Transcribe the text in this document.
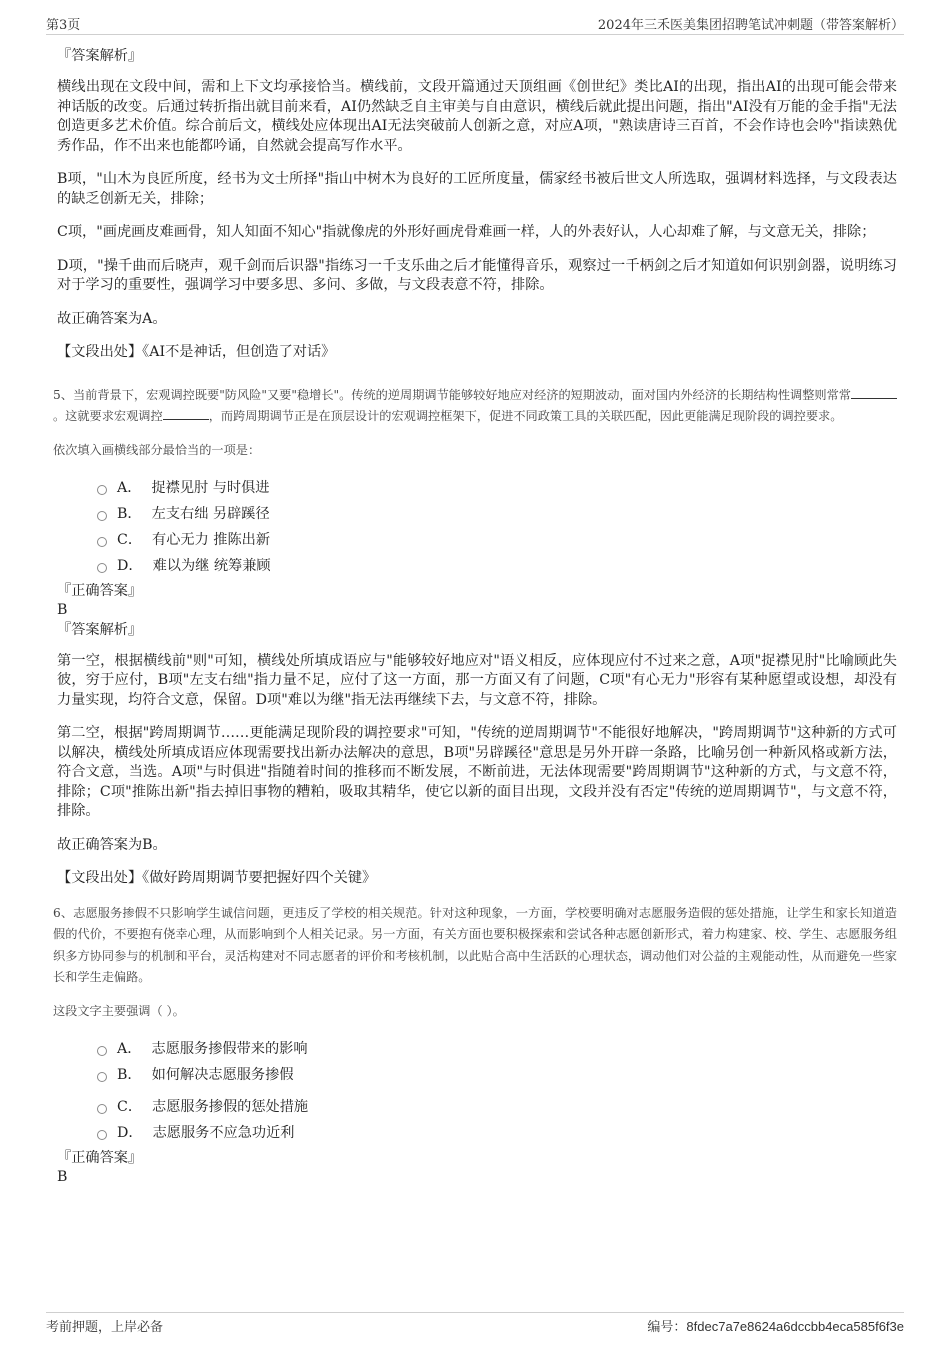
第3页	2024年三禾医美集团招聘笔试冲刺题（带答案解析）

『答案解析』

横线出现在文段中间，需和上下文均承接恰当。横线前，文段开篇通过天顶组画《创世纪》类比AI的出现，指出AI的出现可能会带来神话版的改变。后通过转折指出就目前来看，AI仍然缺乏自主审美与自由意识，横线后就此提出问题，指出"AI没有万能的金手指"无法创造更多艺术价值。综合前后文，横线处应体现出AI无法突破前人创新之意，对应A项，"熟读唐诗三百首，不会作诗也会吟"指读熟优秀作品，作不出来也能都吟诵，自然就会提高写作水平。

B项，"山木为良匠所度，经书为文士所择"指山中树木为良好的工匠所度量，儒家经书被后世文人所选取，强调材料选择，与文段表达的缺乏创新无关，排除；

C项，"画虎画皮难画骨，知人知面不知心"指就像虎的外形好画虎骨难画一样，人的外表好认，人心却难了解，与文意无关，排除；

D项，"操千曲而后晓声，观千剑而后识器"指练习一千支乐曲之后才能懂得音乐，观察过一千柄剑之后才知道如何识别剑器，说明练习对于学习的重要性，强调学习中要多思、多问、多做，与文段表意不符，排除。

故正确答案为A。

【文段出处】《AI不是神话，但创造了对话》

5、当前背景下，宏观调控既要"防风险"又要"稳增长"。传统的逆周期调节能够较好地应对经济的短期波动，面对国内外经济的长期结构性调整则常常。这就要求宏观调控	，而跨周期调节正是在顶层设计的宏观调控框架下，促进不同政策工具的关联匹配，因此更能满足现阶段的调控要求。

依次填入画横线部分最恰当的一项是：

A． 捉襟见肘 与时俱进
B． 左支右绌 另辟蹊径
C． 有心无力 推陈出新
D． 难以为继 统筹兼顾

『正确答案』

B

『答案解析』

第一空，根据横线前"则"可知，横线处所填成语应与"能够较好地应对"语义相反，应体现应付不过来之意，A项"捉襟见肘"比喻顾此失彼，穷于应付，B项"左支右绌"指力量不足，应付了这一方面，那一方面又有了问题，C项"有心无力"形容有某种愿望或设想，却没有力量实现，均符合文意，保留。D项"难以为继"指无法再继续下去，与文意不符，排除。

第二空，根据"跨周期调节……更能满足现阶段的调控要求"可知，"传统的逆周期调节"不能很好地解决，"跨周期调节"这种新的方式可以解决，横线处所填成语应体现需要找出新办法解决的意思，B项"另辟蹊径"意思是另外开辟一条路，比喻另创一种新风格或新方法，符合文意，当选。A项"与时俱进"指随着时间的推移而不断发展，不断前进，无法体现需要"跨周期调节"这种新的方式，与文意不符，排除；C项"推陈出新"指去掉旧事物的糟粕，吸取其精华，使它以新的面目出现，文段并没有否定"传统的逆周期调节"，与文意不符，排除。

故正确答案为B。

【文段出处】《做好跨周期调节要把握好四个关键》

6、志愿服务掺假不只影响学生诚信问题，更违反了学校的相关规范。针对这种现象，一方面，学校要明确对志愿服务造假的惩处措施，让学生和家长知道造假的代价，不要抱有侥幸心理，从而影响到个人相关记录。另一方面，有关方面也要积极探索和尝试各种志愿创新形式，着力构建家、校、学生、志愿服务组织多方协同参与的机制和平台，灵活构建对不同志愿者的评价和考核机制，以此贴合高中生活跃的心理状态，调动他们对公益的主观能动性，从而避免一些家长和学生走偏路。

这段文字主要强调（ ）。

A． 志愿服务掺假带来的影响
B． 如何解决志愿服务掺假
C． 志愿服务掺假的惩处措施
D． 志愿服务不应急功近利

『正确答案』

B

考前押题，上岸必备	编号：8fdec7a7e8624a6dccbb4eca585f6f3e
